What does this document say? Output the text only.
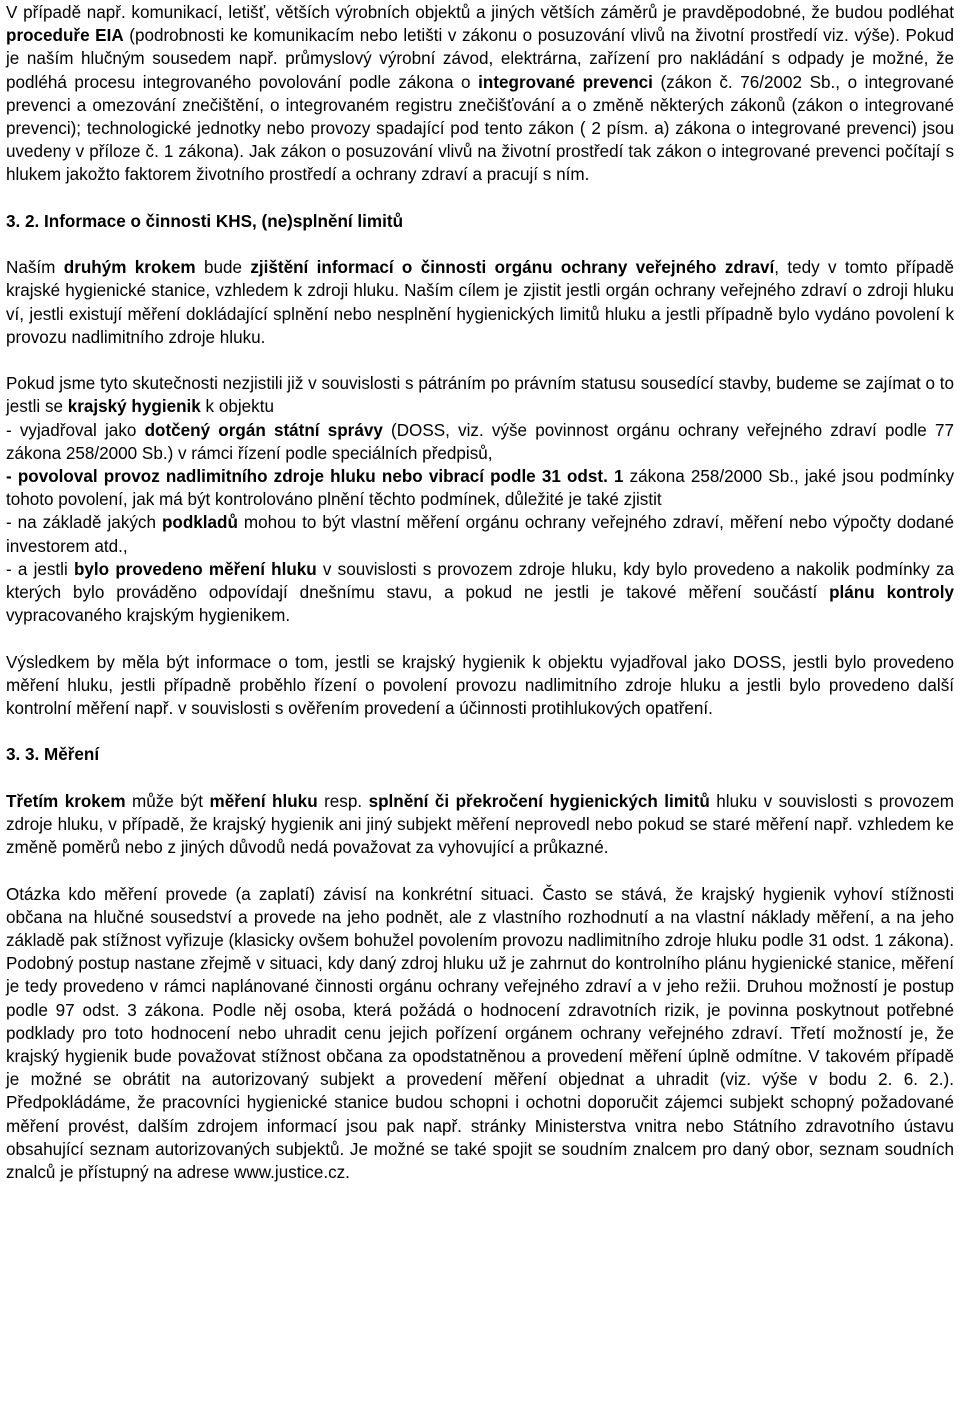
V případě např. komunikací, letišť, větších výrobních objektů a jiných větších záměrů je pravděpodobné, že budou podléhat proceduře EIA (podrobnosti ke komunikacím nebo letišti v zákonu o posuzování vlivů na životní prostředí viz. výše). Pokud je naším hlučným sousedem např. průmyslový výrobní závod, elektrárna, zařízení pro nakládání s odpady je možné, že podléhá procesu integrovaného povolování podle zákona o integrované prevenci (zákon č. 76/2002 Sb., o integrované prevenci a omezování znečištění, o integrovaném registru znečišťování a o změně některých zákonů (zákon o integrované prevenci); technologické jednotky nebo provozy spadající pod tento zákon ( 2 písm. a) zákona o integrované prevenci) jsou uvedeny v příloze č. 1 zákona). Jak zákon o posuzování vlivů na životní prostředí tak zákon o integrované prevenci počítají s hlukem jakožto faktorem životního prostředí a ochrany zdraví a pracují s ním.

3. 2. Informace o činnosti KHS, (ne)splnění limitů

Naším druhým krokem bude zjištění informací o činnosti orgánu ochrany veřejného zdraví, tedy v tomto případě krajské hygienické stanice, vzhledem k zdroji hluku. Naším cílem je zjistit jestli orgán ochrany veřejného zdraví o zdroji hluku ví, jestli existují měření dokládající splnění nebo nesplnění hygienických limitů hluku a jestli případně bylo vydáno povolení k provozu nadlimitního zdroje hluku.

Pokud jsme tyto skutečnosti nezjistili již v souvislosti s pátráním po právním statusu sousedící stavby, budeme se zajímat o to jestli se krajský hygienik k objektu
- vyjadřoval jako dotčený orgán státní správy (DOSS, viz. výše povinnost orgánu ochrany veřejného zdraví podle 77 zákona 258/2000 Sb.) v rámci řízení podle speciálních předpisů,
- povoloval provoz nadlimitního zdroje hluku nebo vibrací podle 31 odst. 1 zákona 258/2000 Sb., jaké jsou podmínky tohoto povolení, jak má být kontrolováno plnění těchto podmínek, důležité je také zjistit
- na základě jakých podkladů mohou to být vlastní měření orgánu ochrany veřejného zdraví, měření nebo výpočty dodané investorem atd.,
- a jestli bylo provedeno měření hluku v souvislosti s provozem zdroje hluku, kdy bylo provedeno a nakolik podmínky za kterých bylo prováděno odpovídají dnešnímu stavu, a pokud ne jestli je takové měření součástí plánu kontroly vypracovaného krajským hygienikem.

Výsledkem by měla být informace o tom, jestli se krajský hygienik k objektu vyjadřoval jako DOSS, jestli bylo provedeno měření hluku, jestli případně proběhlo řízení o povolení provozu nadlimitního zdroje hluku a jestli bylo provedeno další kontrolní měření např. v souvislosti s ověřením provedení a účinnosti protihlukových opatření.

3. 3. Měření

Třetím krokem může být měření hluku resp. splnění či překročení hygienických limitů hluku v souvislosti s provozem zdroje hluku, v případě, že krajský hygienik ani jiný subjekt měření neprovedl nebo pokud se staré měření např. vzhledem ke změně poměrů nebo z jiných důvodů nedá považovat za vyhovující a průkazné.

Otázka kdo měření provede (a zaplatí) závisí na konkrétní situaci. Často se stává, že krajský hygienik vyhoví stížnosti občana na hlučné sousedství a provede na jeho podnět, ale z vlastního rozhodnutí a na vlastní náklady měření, a na jeho základě pak stížnost vyřizuje (klasicky ovšem bohužel povolením provozu nadlimitního zdroje hluku podle 31 odst. 1 zákona). Podobný postup nastane zřejmě v situaci, kdy daný zdroj hluku už je zahrnut do kontrolního plánu hygienické stanice, měření je tedy provedeno v rámci naplánované činnosti orgánu ochrany veřejného zdraví a v jeho režii. Druhou možností je postup podle 97 odst. 3 zákona. Podle něj osoba, která požádá o hodnocení zdravotních rizik, je povinna poskytnout potřebné podklady pro toto hodnocení nebo uhradit cenu jejich pořízení orgánem ochrany veřejného zdraví. Třetí možností je, že krajský hygienik bude považovat stížnost občana za opodstatněnou a provedení měření úplně odmítne. V takovém případě je možné se obrátit na autorizovaný subjekt a provedení měření objednat a uhradit (viz. výše v bodu 2. 6. 2.). Předpokládáme, že pracovníci hygienické stanice budou schopni i ochotni doporučit zájemci subjekt schopný požadované měření provést, dalším zdrojem informací jsou pak např. stránky Ministerstva vnitra nebo Státního zdravotního ústavu obsahující seznam autorizovaných subjektů. Je možné se také spojit se soudním znalcem pro daný obor, seznam soudních znalců je přístupný na adrese www.justice.cz.
